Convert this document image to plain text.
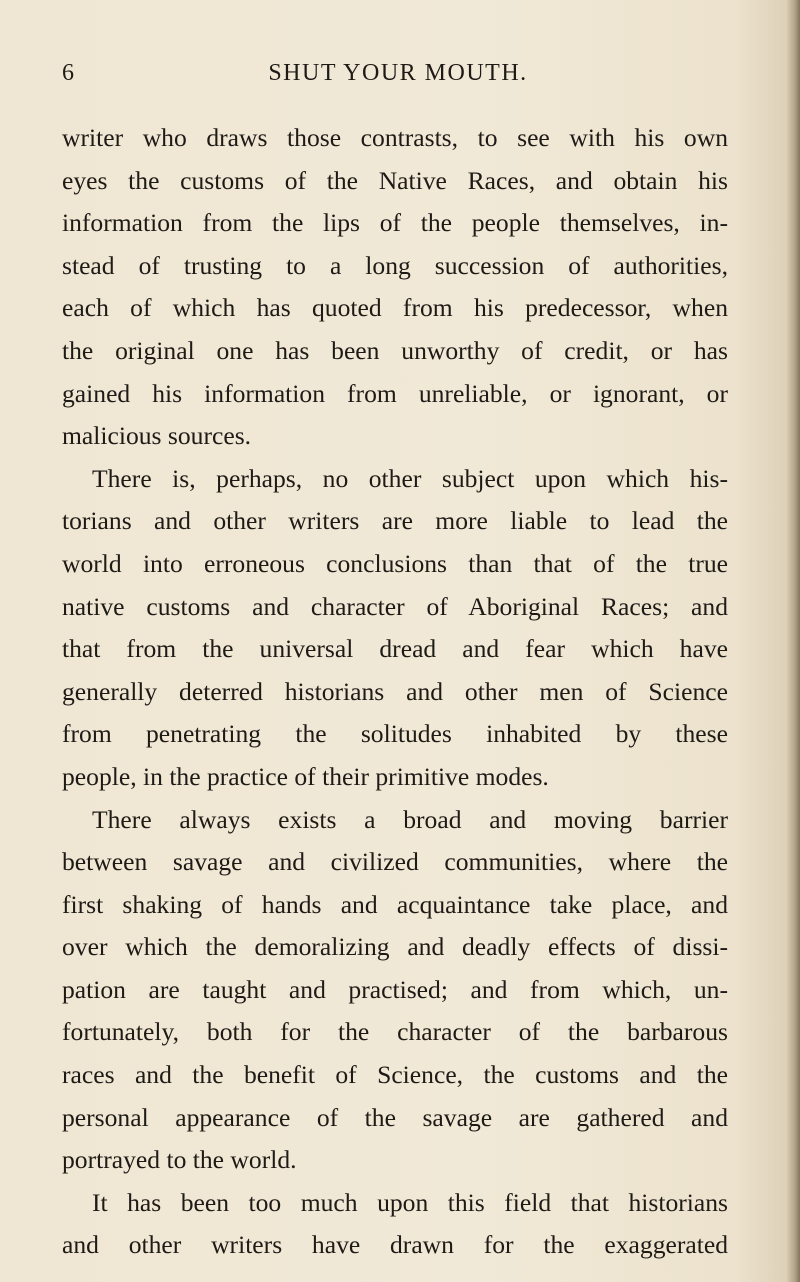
6	SHUT YOUR MOUTH.
writer who draws those contrasts, to see with his own
eyes the customs of the Native Races, and obtain his
information from the lips of the people themselves, in-
stead of trusting to a long succession of authorities,
each of which has quoted from his predecessor, when
the original one has been unworthy of credit, or has
gained his information from unreliable, or ignorant, or
malicious sources.
There is, perhaps, no other subject upon which his-
torians and other writers are more liable to lead the
world into erroneous conclusions than that of the true
native customs and character of Aboriginal Races; and
that from the universal dread and fear which have
generally deterred historians and other men of Science
from penetrating the solitudes inhabited by these
people, in the practice of their primitive modes.
There always exists a broad and moving barrier
between savage and civilized communities, where the
first shaking of hands and acquaintance take place, and
over which the demoralizing and deadly effects of dissi-
pation are taught and practised; and from which, un-
fortunately, both for the character of the barbarous
races and the benefit of Science, the customs and the
personal appearance of the savage are gathered and
portrayed to the world.
It has been too much upon this field that historians
and other writers have drawn for the exaggerated
